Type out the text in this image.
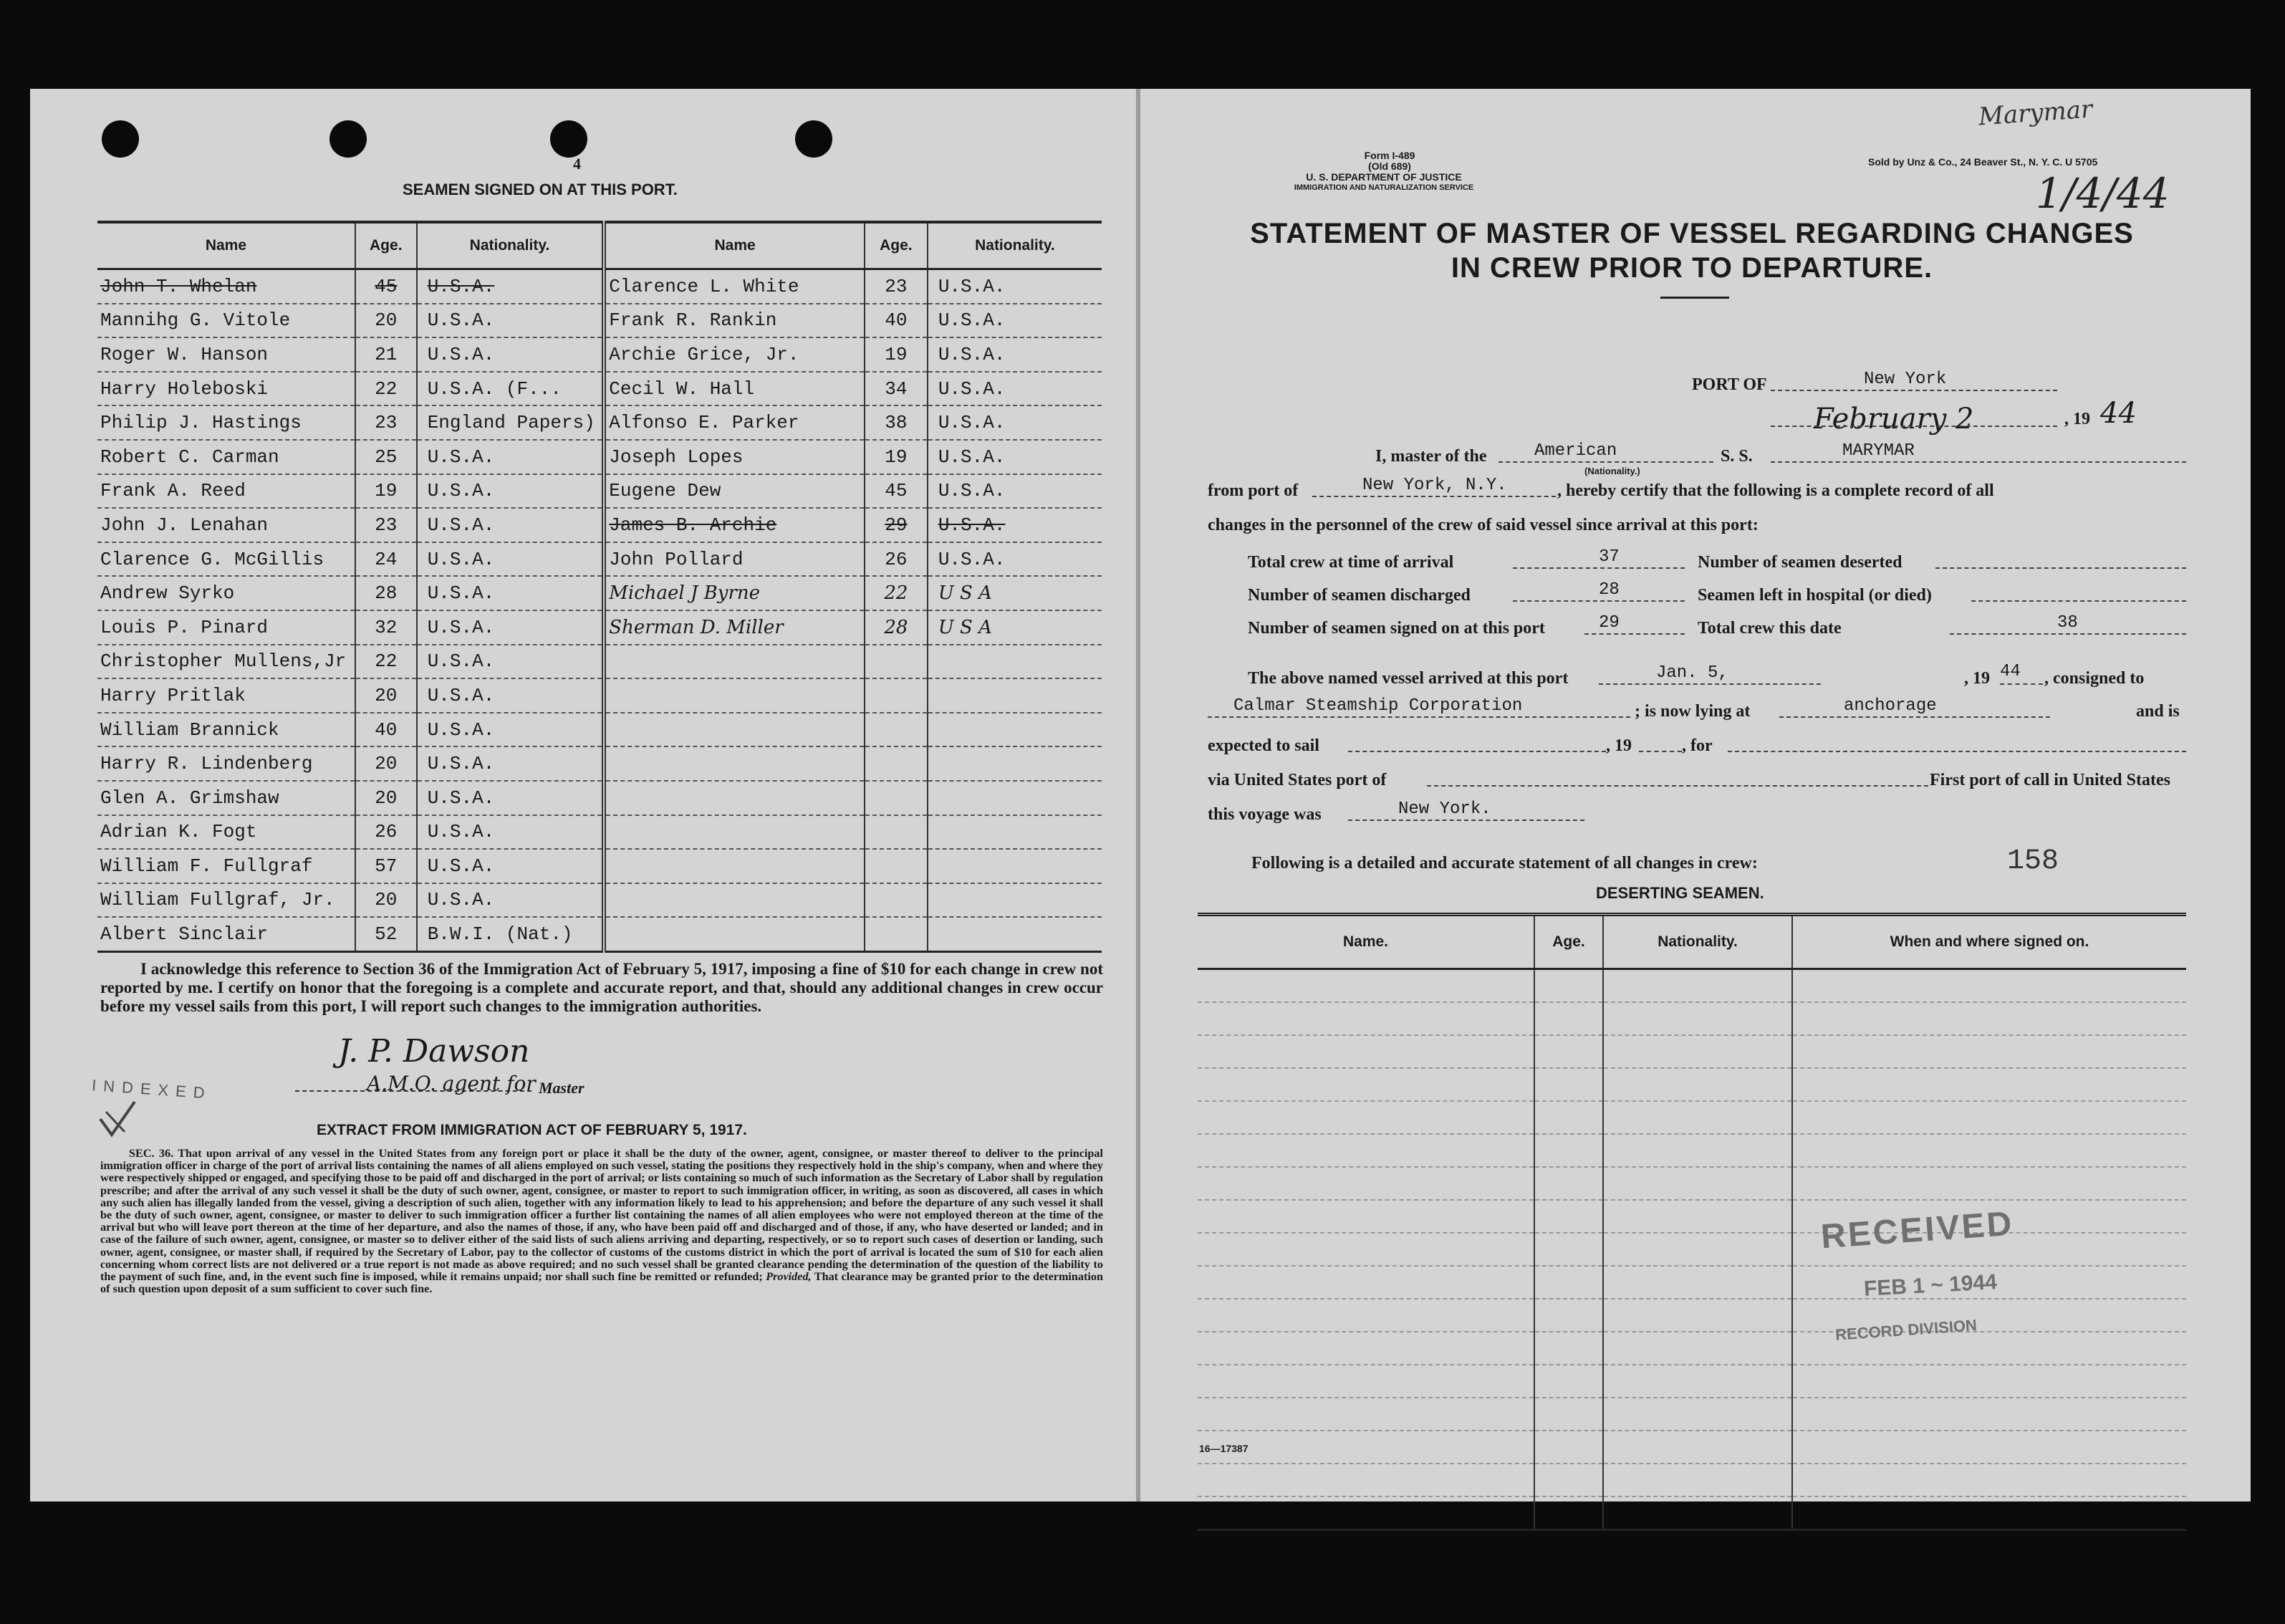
4
SEAMEN SIGNED ON AT THIS PORT.
Name	Age.	Nationality.	Name	Age.	Nationality.
John T. Whelan	45	U.S.A.	Clarence L. White	23	U.S.A.
Mannihg G. Vitole	20	U.S.A.	Frank R. Rankin	40	U.S.A.
Roger W. Hanson	21	U.S.A.	Archie Grice, Jr.	19	U.S.A.
Harry Holeboski	22	U.S.A. (F...	Cecil W. Hall	34	U.S.A.
Philip J. Hastings	23	England Papers)	Alfonso E. Parker	38	U.S.A.
Robert C. Carman	25	U.S.A.	Joseph Lopes	19	U.S.A.
Frank A. Reed	19	U.S.A.	Eugene Dew	45	U.S.A.
John J. Lenahan	23	U.S.A.	James B. Archie	29	U.S.A.
Clarence G. McGillis	24	U.S.A.	John Pollard	26	U.S.A.
Andrew Syrko	28	U.S.A.	Michael J Byrne	22	U S A
Louis P. Pinard	32	U.S.A.	Sherman D. Miller	28	U S A
Christopher Mullens,Jr	22	U.S.A.			
Harry Pritlak	20	U.S.A.			
William Brannick	40	U.S.A.			
Harry R. Lindenberg	20	U.S.A.			
Glen A. Grimshaw	20	U.S.A.			
Adrian K. Fogt	26	U.S.A.			
William F. Fullgraf	57	U.S.A.			
William Fullgraf, Jr.	20	U.S.A.			
Albert Sinclair	52	B.W.I. (Nat.)			
I acknowledge this reference to Section 36 of the Immigration Act of February 5, 1917, imposing a fine of $10 for each change in crew not reported by me. I certify on honor that the foregoing is a complete and accurate report, and that, should any additional changes in crew occur before my vessel sails from this port, I will report such changes to the immigration authorities.
J. P. Dawson
A.M.O. agent for Master
INDEXED
EXTRACT FROM IMMIGRATION ACT OF FEBRUARY 5, 1917.
SEC. 36. That upon arrival of any vessel in the United States from any foreign port or place it shall be the duty of the owner, agent, consignee, or master thereof to deliver to the principal immigration officer in charge of the port of arrival lists containing the names of all aliens employed on such vessel, stating the positions they respectively hold in the ship's company, when and where they were respectively shipped or engaged, and specifying those to be paid off and discharged in the port of arrival; or lists containing so much of such information as the Secretary of Labor shall by regulation prescribe; and after the arrival of any such vessel it shall be the duty of such owner, agent, consignee, or master to report to such immigration officer, in writing, as soon as discovered, all cases in which any such alien has illegally landed from the vessel, giving a description of such alien, together with any information likely to lead to his apprehension; and before the departure of any such vessel it shall be the duty of such owner, agent, consignee, or master to deliver to such immigration officer a further list containing the names of all alien employees who were not employed thereon at the time of the arrival but who will leave port thereon at the time of her departure, and also the names of those, if any, who have been paid off and discharged and of those, if any, who have deserted or landed; and in case of the failure of such owner, agent, consignee, or master so to deliver either of the said lists of such aliens arriving and departing, respectively, or so to report such cases of desertion or landing, such owner, agent, consignee, or master shall, if required by the Secretary of Labor, pay to the collector of customs of the customs district in which the port of arrival is located the sum of $10 for each alien concerning whom correct lists are not delivered or a true report is not made as above required; and no such vessel shall be granted clearance pending the determination of the question of the liability to the payment of such fine, and, in the event such fine is imposed, while it remains unpaid; nor shall such fine be remitted or refunded; Provided, That clearance may be granted prior to the determination of such question upon deposit of a sum sufficient to cover such fine.
Form I-489
(Old 689)
U. S. DEPARTMENT OF JUSTICE
IMMIGRATION AND NATURALIZATION SERVICE
Sold by Unz & Co., 24 Beaver St., N. Y. C. U 5705
Marymar
1/4/44
STATEMENT OF MASTER OF VESSEL REGARDING CHANGES
IN CREW PRIOR TO DEPARTURE.
PORT OF	New York
February 2	, 19 44
I, master of the	American
(Nationality.)
S. S.	MARYMAR
from port of	New York, N.Y.	, hereby certify that the following is a complete record of all
changes in the personnel of the crew of said vessel since arrival at this port:
Total crew at time of arrival	37	Number of seamen deserted
Number of seamen discharged	28	Seamen left in hospital (or died)
Number of seamen signed on at this port	29	Total crew this date	38
The above named vessel arrived at this port	Jan. 5,	, 19 44	, consigned to
Calmar Steamship Corporation	; is now lying at	anchorage	and is
expected to sail	, 19	, for
via United States port of	First port of call in United States
this voyage was	New York.
Following is a detailed and accurate statement of all changes in crew:	158
DESERTING SEAMEN.
Name.	Age.	Nationality.	When and where signed on.

RECEIVED
FEB 1 ~ 1944
RECORD DIVISION
16—17387
